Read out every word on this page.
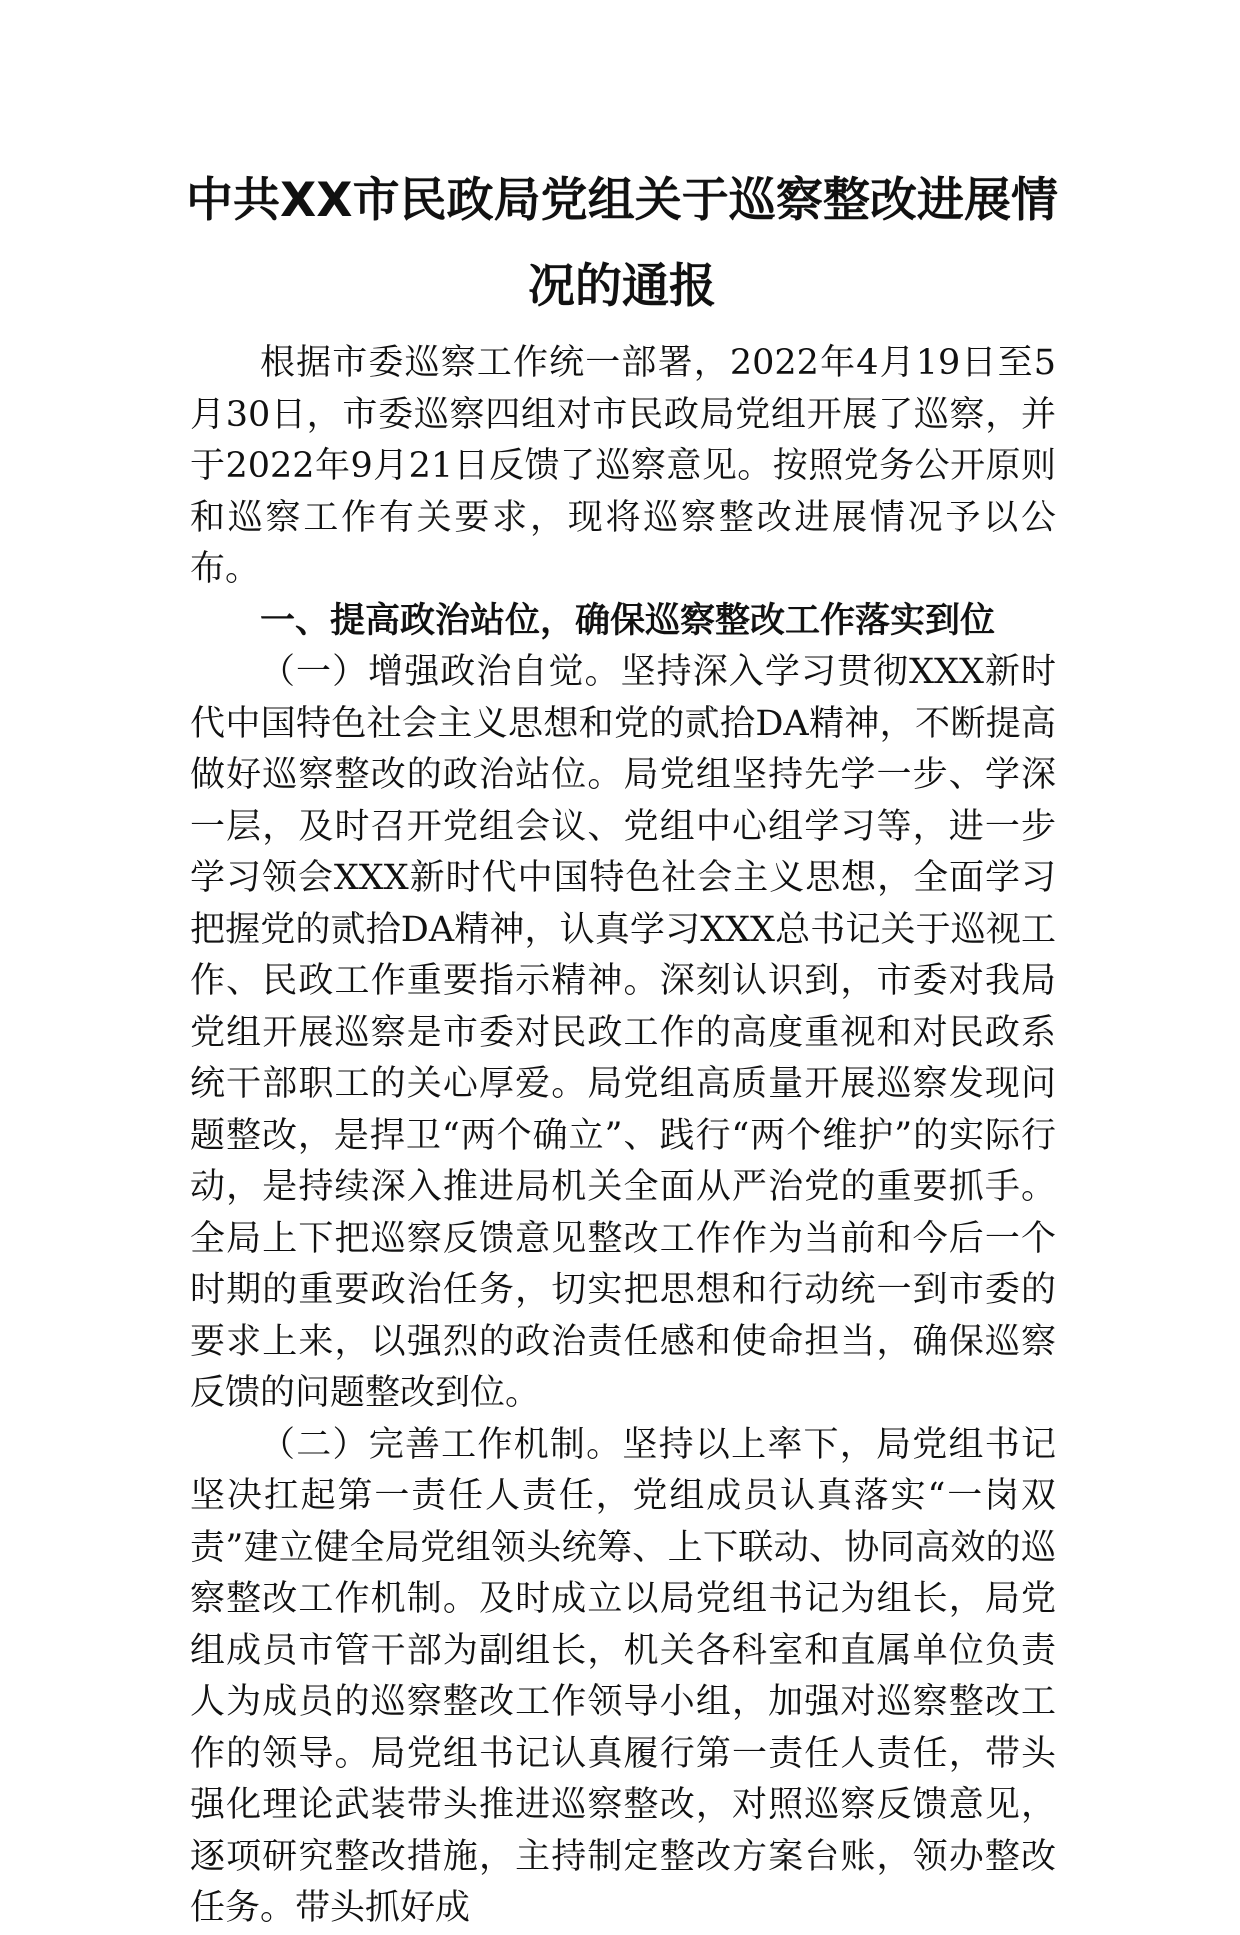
中共XX市民政局党组关于巡察整改进展情况的通报

根据市委巡察工作统一部署，2022年4月19日至5月30日，市委巡察四组对市民政局党组开展了巡察，并于2022年9月21日反馈了巡察意见。按照党务公开原则和巡察工作有关要求，现将巡察整改进展情况予以公布。

一、提高政治站位，确保巡察整改工作落实到位

（一）增强政治自觉。坚持深入学习贯彻XXX新时代中国特色社会主义思想和党的贰拾DA精神，不断提高做好巡察整改的政治站位。局党组坚持先学一步、学深一层，及时召开党组会议、党组中心组学习等，进一步学习领会XXX新时代中国特色社会主义思想，全面学习把握党的贰拾DA精神，认真学习XXX总书记关于巡视工作、民政工作重要指示精神。深刻认识到，市委对我局党组开展巡察是市委对民政工作的高度重视和对民政系统干部职工的关心厚爱。局党组高质量开展巡察发现问题整改，是捍卫“两个确立”、践行“两个维护”的实际行动，是持续深入推进局机关全面从严治党的重要抓手。全局上下把巡察反馈意见整改工作作为当前和今后一个时期的重要政治任务，切实把思想和行动统一到市委的要求上来，以强烈的政治责任感和使命担当，确保巡察反馈的问题整改到位。

（二）完善工作机制。坚持以上率下，局党组书记坚决扛起第一责任人责任，党组成员认真落实“一岗双责”建立健全局党组领头统筹、上下联动、协同高效的巡察整改工作机制。及时成立以局党组书记为组长，局党组成员市管干部为副组长，机关各科室和直属单位负责人为成员的巡察整改工作领导小组，加强对巡察整改工作的领导。局党组书记认真履行第一责任人责任，带头强化理论武装带头推进巡察整改，对照巡察反馈意见，逐项研究整改措施，主持制定整改方案台账，领办整改任务。带头抓好成
